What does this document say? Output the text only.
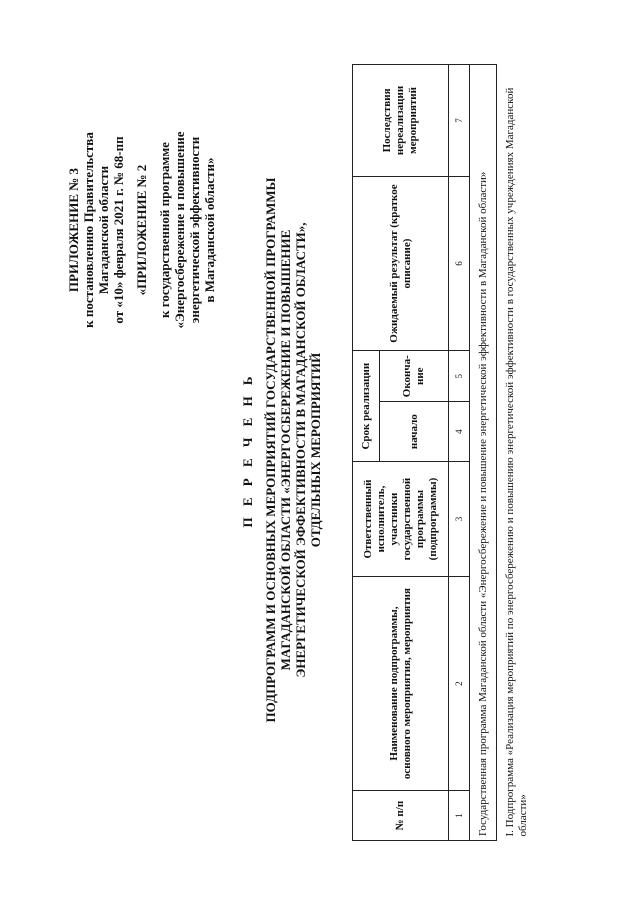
ПРИЛОЖЕНИЕ № 3 к постановлению Правительства Магаданской области от «10» февраля 2021 г. № 68-пп «ПРИЛОЖЕНИЕ № 2 к государственной программе «Энергосбережение и повышение энергетической эффективности в Магаданской области»
П Е Р Е Ч Е Н Ь ПОДПРОГРАММ И ОСНОВНЫХ МЕРОПРИЯТИЙ ГОСУДАРСТВЕННОЙ ПРОГРАММЫ МАГАДАНСКОЙ ОБЛАСТИ «ЭНЕРГОСБЕРЕЖЕНИЕ И ПОВЫШЕНИЕ ЭНЕРГЕТИЧЕСКОЙ ЭФФЕКТИВНОСТИ В МАГАДАНСКОЙ ОБЛАСТИ», ОТДЕЛЬНЫХ МЕРОПРИЯТИЙ
№ п/п	Наименование подпрограммы, основного мероприятия, мероприятия	Ответственный исполнитель, участники государственной программы (подпрограммы)	Срок реализации		Ожидаемый результат (краткое описание)	Последствия нереализации мероприятий
			начало	Оконча-ние		
1	2	3	4	5	6	7
Государственная программа Магаданской области «Энергосбережение и повышение энергетической эффективности в Магаданской области»						
I. Подпрограмма «Реализация мероприятий по энергосбережению и повышению энергетической эффективности в государственных учреждениях Магаданской области»						
